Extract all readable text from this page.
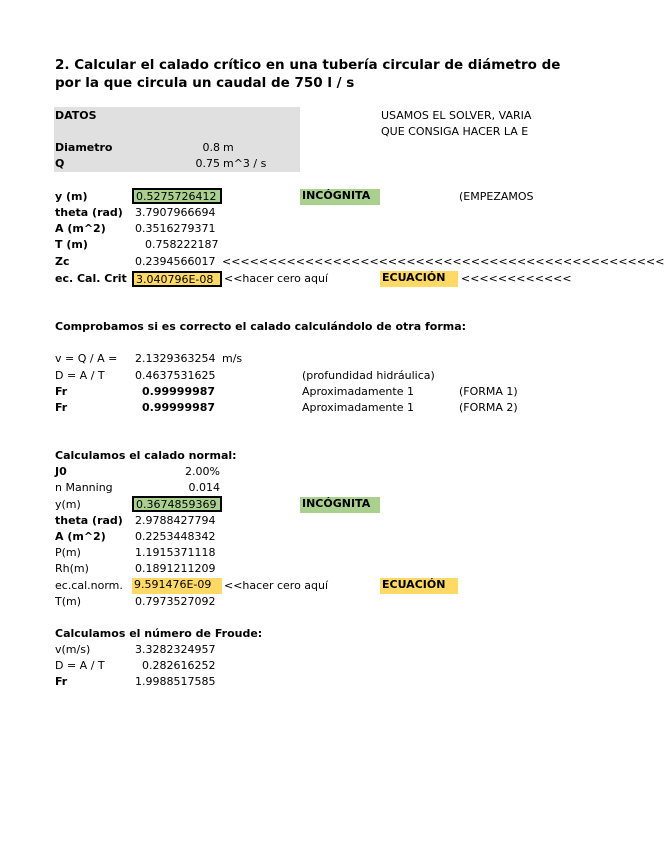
2. Calcular el calado crítico en una tubería circular de diámetro de
por la que circula un caudal de 750 l / s
DATOS
Diametro	0.8 m
Q	0.75 m^3 / s
USAMOS EL SOLVER, VARIA
QUE CONSIGA HACER LA E
y (m)	0.5275726412	INCÓGNITA	(EMPEZAMOS
theta (rad) 3.7907966694
A (m^2)	0.3516279371
T (m)	0.758222187
Zc	0.2394566017 <<<<<<<<<<<<<<<<<<<<<<<<<<<<<<<<<<<<<<<<<<<<<<<<
ec. Cal. Crit 3.040796E-08 <<hacer cero aquí	ECUACIÓN	<<<<<<<<<<<<
Comprobamos si es correcto el calado calculándolo de otra forma:
v = Q / A = 2.1329363254 m/s
D = A / T	0.4637531625	(profundidad hidráulica)
Fr	0.99999987	Aproximadamente 1	(FORMA 1)
Fr	0.99999987	Aproximadamente 1	(FORMA 2)
Calculamos el calado normal:
J0	2.00%
n Manning	0.014
y(m)	0.3674859369	INCÓGNITA
theta (rad) 2.9788427794
A (m^2)	0.2253448342
P(m)	1.1915371118
Rh(m)	0.1891211209
ec.cal.norm.	9.591476E-09	<<hacer cero aquí	ECUACIÓN
T(m)	0.7973527092
Calculamos el número de Froude:
v(m/s)	3.3282324957
D = A / T	0.282616252
Fr	1.9988517585
